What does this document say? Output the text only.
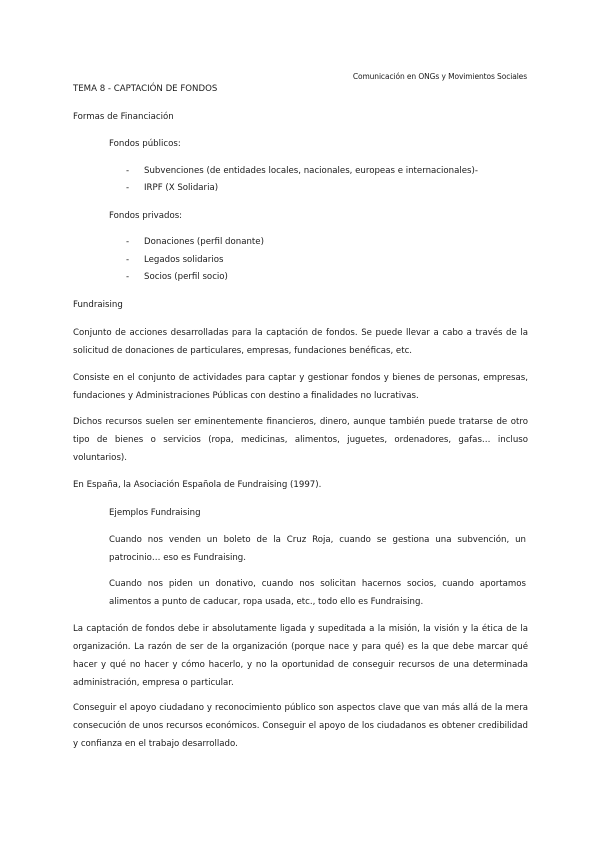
Comunicación en ONGs y Movimientos Sociales
TEMA 8 - CAPTACIÓN DE FONDOS
Formas de Financiación
Fondos públicos:
- Subvenciones (de entidades locales, nacionales, europeas e internacionales)-
- IRPF (X Solidaria)
Fondos privados:
- Donaciones (perfil donante)
- Legados solidarios
- Socios (perfil socio)
Fundraising
Conjunto de acciones desarrolladas para la captación de fondos. Se puede llevar a cabo a través de la solicitud de donaciones de particulares, empresas, fundaciones benéficas, etc.
Consiste en el conjunto de actividades para captar y gestionar fondos y bienes de personas, empresas, fundaciones y Administraciones Públicas con destino a finalidades no lucrativas.
Dichos recursos suelen ser eminentemente financieros, dinero, aunque también puede tratarse de otro tipo de bienes o servicios (ropa, medicinas, alimentos, juguetes, ordenadores, gafas… incluso voluntarios).
En España, la Asociación Española de Fundraising (1997).
Ejemplos Fundraising
Cuando nos venden un boleto de la Cruz Roja, cuando se gestiona una subvención, un patrocinio… eso es Fundraising.
Cuando nos piden un donativo, cuando nos solicitan hacernos socios, cuando aportamos alimentos a punto de caducar, ropa usada, etc., todo ello es Fundraising.
La captación de fondos debe ir absolutamente ligada y supeditada a la misión, la visión y la ética de la organización. La razón de ser de la organización (porque nace y para qué) es la que debe marcar qué hacer y qué no hacer y cómo hacerlo, y no la oportunidad de conseguir recursos de una determinada administración, empresa o particular.
Conseguir el apoyo ciudadano y reconocimiento público son aspectos clave que van más allá de la mera consecución de unos recursos económicos. Conseguir el apoyo de los ciudadanos es obtener credibilidad y confianza en el trabajo desarrollado.
